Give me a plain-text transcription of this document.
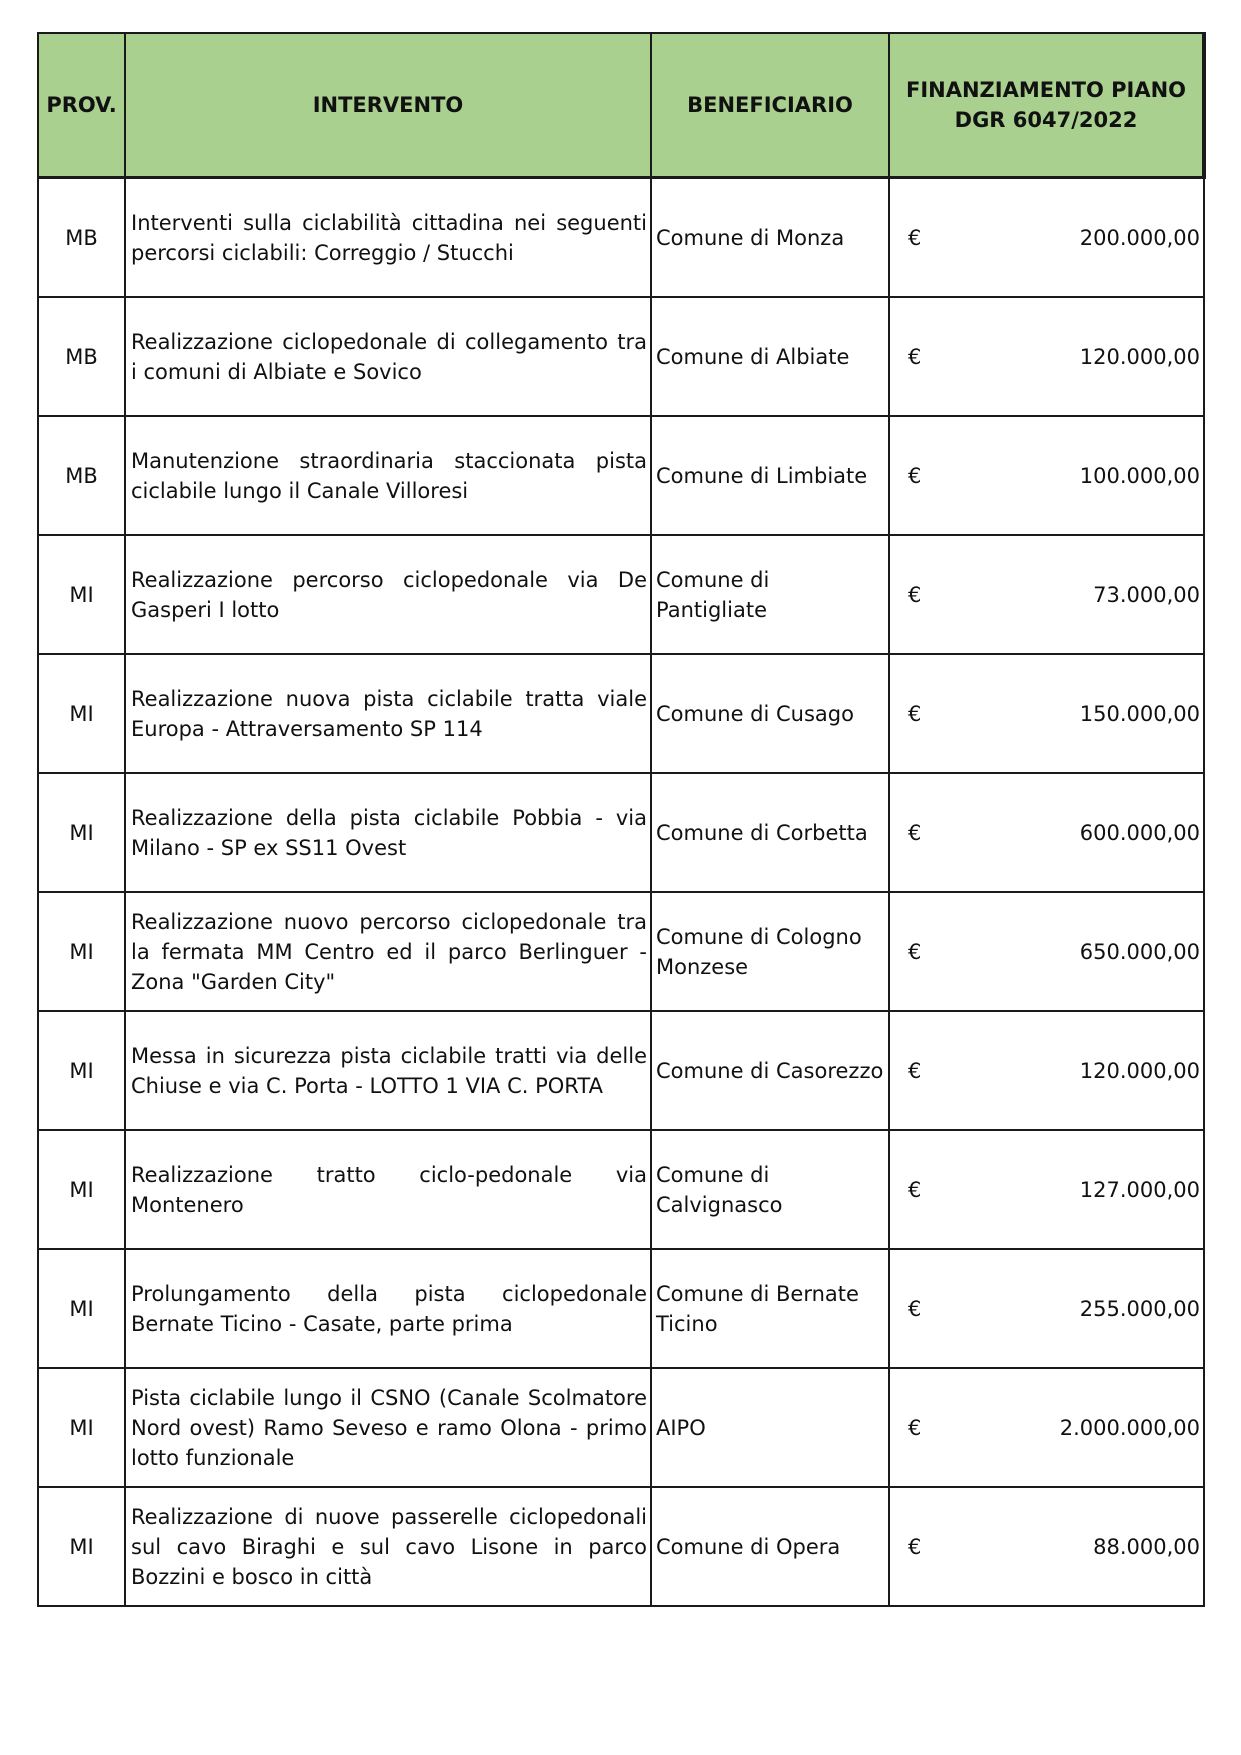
PROV.	INTERVENTO	BENEFICIARIO	FINANZIAMENTO PIANO
DGR 6047/2022

MB	Interventi sulla ciclabilità cittadina nei seguenti percorsi ciclabili: Correggio / Stucchi	Comune di Monza	€ 200.000,00

MB	Realizzazione ciclopedonale di collegamento tra i comuni di Albiate e Sovico	Comune di Albiate	€ 120.000,00

MB	Manutenzione straordinaria staccionata pista ciclabile lungo il Canale Villoresi	Comune di Limbiate	€ 100.000,00

MI	Realizzazione percorso ciclopedonale via De Gasperi I lotto	Comune di Pantigliate	€ 73.000,00

MI	Realizzazione nuova pista ciclabile tratta viale Europa - Attraversamento SP 114	Comune di Cusago	€ 150.000,00

MI	Realizzazione della pista ciclabile Pobbia - via Milano - SP ex SS11 Ovest	Comune di Corbetta	€ 600.000,00

MI	Realizzazione nuovo percorso ciclopedonale tra la fermata MM Centro ed il parco Berlinguer -Zona "Garden City"	Comune di Cologno Monzese	€ 650.000,00

MI	Messa in sicurezza pista ciclabile tratti via delle Chiuse e via C. Porta - LOTTO 1 VIA C. PORTA	Comune di Casorezzo	€ 120.000,00

MI	Realizzazione tratto ciclo-pedonale via Montenero	Comune di Calvignasco	€ 127.000,00

MI	Prolungamento della pista ciclopedonale Bernate Ticino - Casate, parte prima	Comune di Bernate Ticino	€ 255.000,00

MI	Pista ciclabile lungo il CSNO (Canale Scolmatore Nord ovest) Ramo Seveso e ramo Olona - primo lotto funzionale	AIPO	€ 2.000.000,00

MI	Realizzazione di nuove passerelle ciclopedonali sul cavo Biraghi e sul cavo Lisone in parco Bozzini e bosco in città	Comune di Opera	€ 88.000,00
